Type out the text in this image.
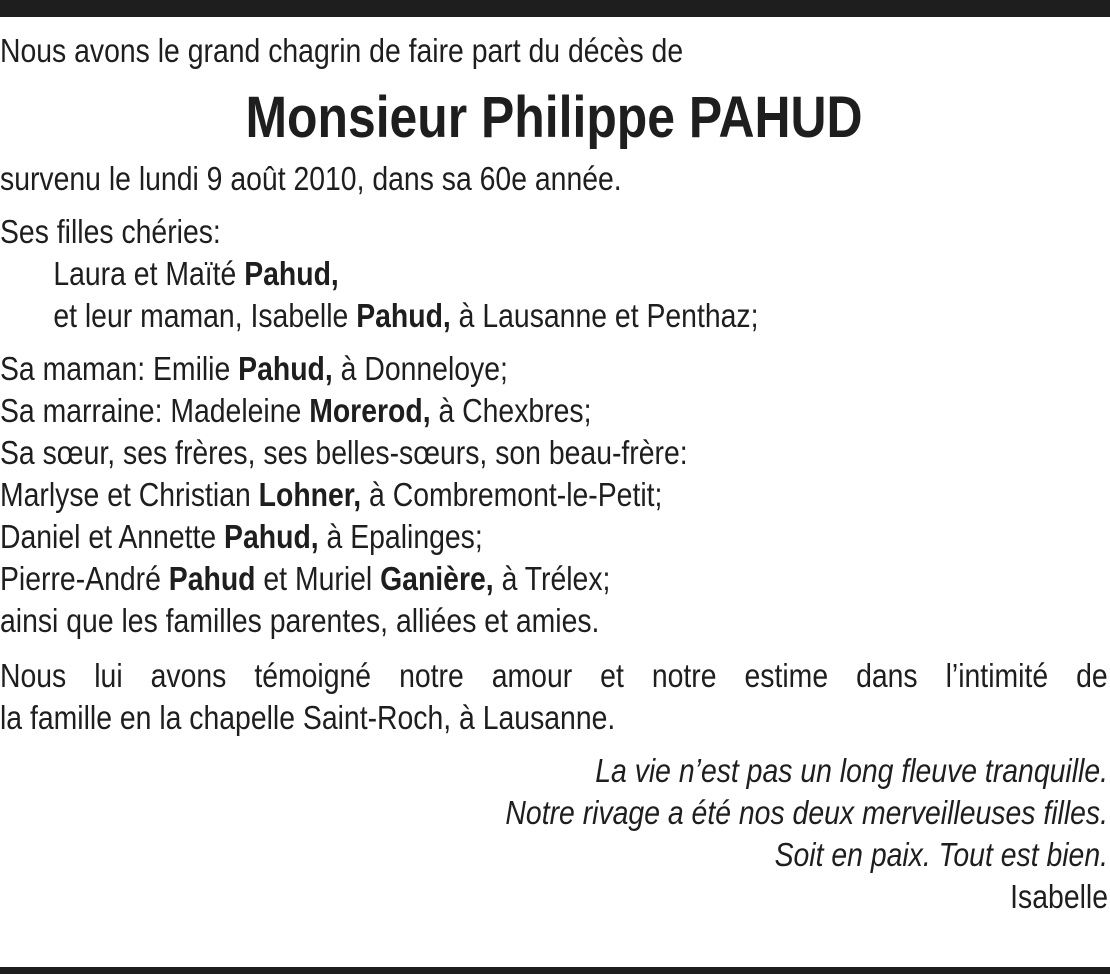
Nous avons le grand chagrin de faire part du décès de
Monsieur Philippe PAHUD
survenu le lundi 9 août 2010, dans sa 60e année.
Ses filles chéries:
Laura et Maïté Pahud,
et leur maman, Isabelle Pahud, à Lausanne et Penthaz;
Sa maman: Emilie Pahud, à Donneloye;
Sa marraine: Madeleine Morerod, à Chexbres;
Sa sœur, ses frères, ses belles-sœurs, son beau-frère:
Marlyse et Christian Lohner, à Combremont-le-Petit;
Daniel et Annette Pahud, à Epalinges;
Pierre-André Pahud et Muriel Ganière, à Trélex;
ainsi que les familles parentes, alliées et amies.
Nous lui avons témoigné notre amour et notre estime dans l’intimité de
la famille en la chapelle Saint-Roch, à Lausanne.
La vie n’est pas un long fleuve tranquille.
Notre rivage a été nos deux merveilleuses filles.
Soit en paix. Tout est bien.
Isabelle
